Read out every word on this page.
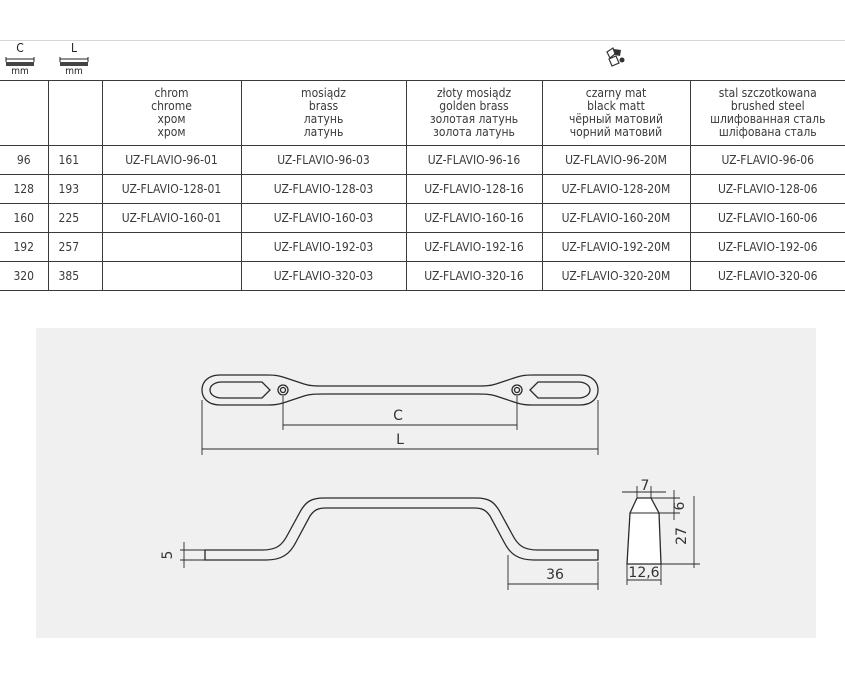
C
mm
L
mm

		chrom
chrome
хром
хром	mosiądz
brass
латунь
латунь	złoty mosiądz
golden brass
золотая латунь
золота латунь	czarny mat
black matt
чёрный матовий
чорний матовий	stal szczotkowana
brushed steel
шлифованная сталь
шліфована сталь

96	161	UZ-FLAVIO-96-01	UZ-FLAVIO-96-03	UZ-FLAVIO-96-16	UZ-FLAVIO-96-20M	UZ-FLAVIO-96-06
128	193	UZ-FLAVIO-128-01	UZ-FLAVIO-128-03	UZ-FLAVIO-128-16	UZ-FLAVIO-128-20M	UZ-FLAVIO-128-06
160	225	UZ-FLAVIO-160-01	UZ-FLAVIO-160-03	UZ-FLAVIO-160-16	UZ-FLAVIO-160-20M	UZ-FLAVIO-160-06
192	257		UZ-FLAVIO-192-03	UZ-FLAVIO-192-16	UZ-FLAVIO-192-20M	UZ-FLAVIO-192-06
320	385		UZ-FLAVIO-320-03	UZ-FLAVIO-320-16	UZ-FLAVIO-320-20M	UZ-FLAVIO-320-06
C
L
5
36
7
6
27
12,6
